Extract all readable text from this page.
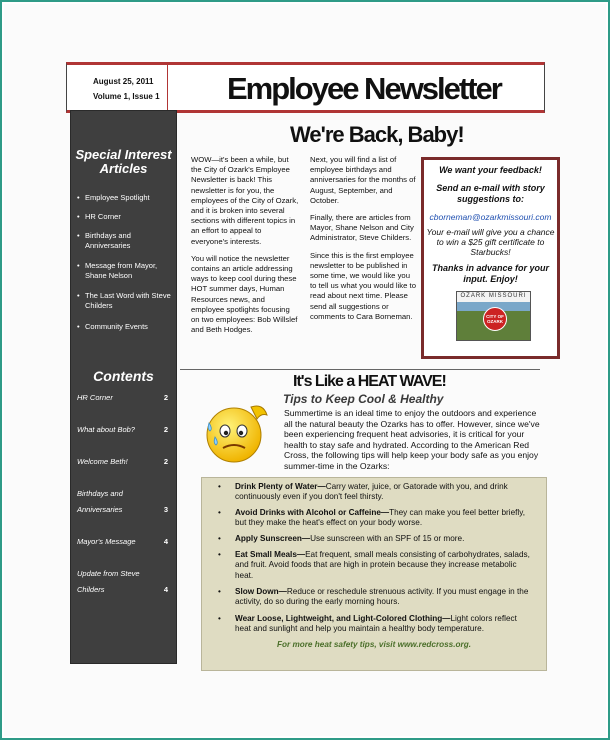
August 25, 2011
Volume 1, Issue 1 Employee Newsletter
Special Interest Articles
• Employee Spotlight
• HR Corner
• Birthdays and Anniversaries
• Message from Mayor, Shane Nelson
• The Last Word with Steve Childers
• Community Events
Contents
HR Corner	2
What about Bob?	2
Welcome Beth!	2
Birthdays and Anniversaries	3
Mayor's Message	4
Update from Steve Childers	4
We're Back, Baby!

WOW—it's been a while, but the City of Ozark's Employee Newsletter is back! This newsletter is for you, the employees of the City of Ozark, and it is broken into several sections with different topics in an effort to appeal to everyone's interests.

You will notice the newsletter contains an article addressing ways to keep cool during these HOT summer days, Human Resources news, and employee spotlights focusing on two employees: Bob Willslef and Beth Hodges.

Next, you will find a list of employee birthdays and anniversaries for the months of August, September, and October.

Finally, there are articles from Mayor, Shane Nelson and City Administrator, Steve Childers.

Since this is the first employee newsletter to be published in some time, we would like you to tell us what you would like to read about next time. Please send all suggestions or comments to Cara Borneman.

We want your feedback!
Send an e-mail with story suggestions to:
cborneman@ozarkmissouri.com
Your e-mail will give you a chance to win a $25 gift certificate to Starbucks!
Thanks in advance for your input. Enjoy!
OZARK MISSOURI
CITY OF OZARK
It's Like a HEAT WAVE!
Tips to Keep Cool & Healthy
Summertime is an ideal time to enjoy the outdoors and experience all the natural beauty the Ozarks has to offer. However, since we've been experiencing frequent heat advisories, it is critical for your health to stay safe and hydrated. According to the American Red Cross, the following tips will help keep your body safe as you enjoy summer-time in the Ozarks:
•	Drink Plenty of Water—Carry water, juice, or Gatorade with you, and drink continuously even if you don't feel thirsty.
•	Avoid Drinks with Alcohol or Caffeine—They can make you feel better briefly, but they make the heat's effect on your body worse.
•	Apply Sunscreen—Use sunscreen with an SPF of 15 or more.
•	Eat Small Meals—Eat frequent, small meals consisting of carbohydrates, salads, and fruit. Avoid foods that are high in protein because they increase metabolic heat.
•	Slow Down—Reduce or reschedule strenuous activity. If you must engage in the activity, do so during the early morning hours.
•	Wear Loose, Lightweight, and Light-Colored Clothing—Light colors reflect heat and sunlight and help you maintain a healthy body temperature.
For more heat safety tips, visit www.redcross.org.
